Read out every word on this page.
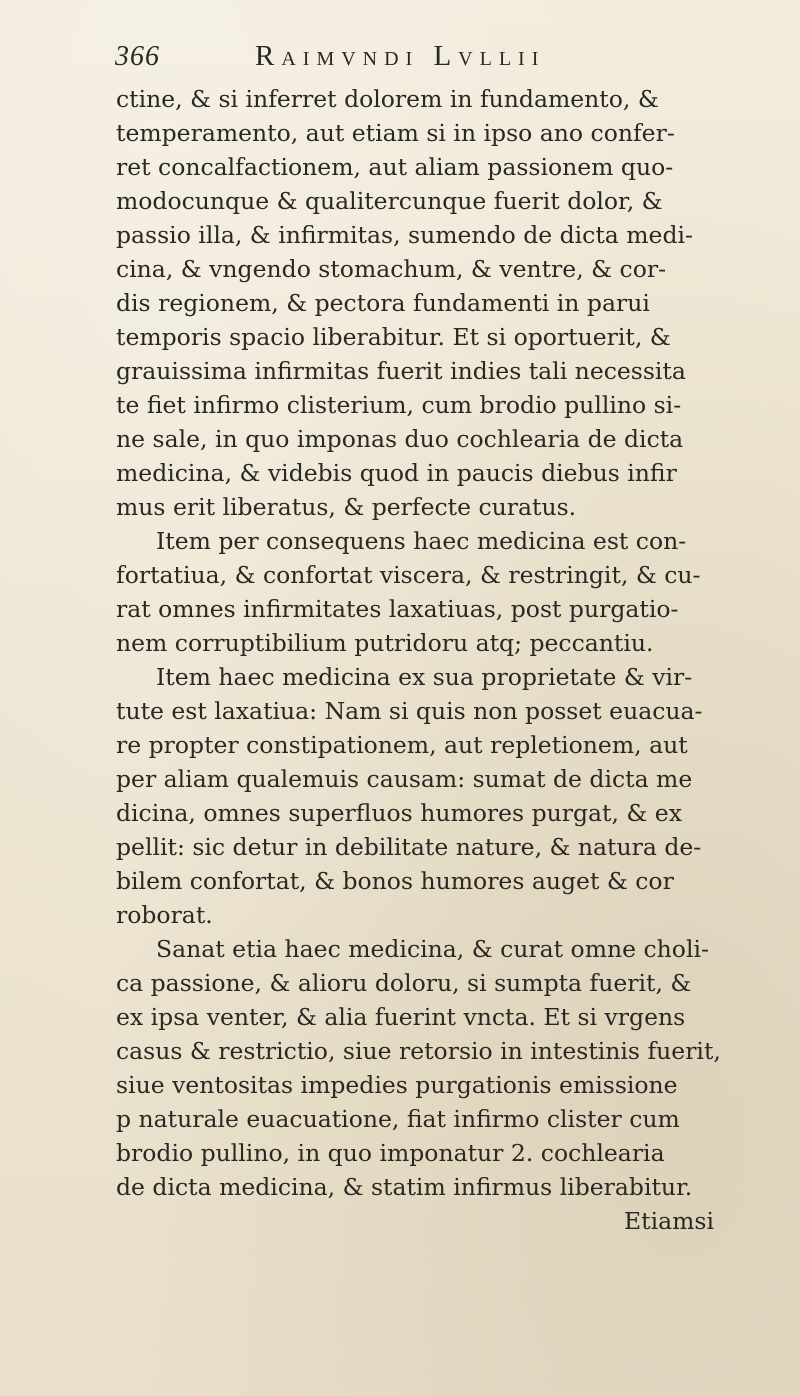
366	Raimvndi Lvllii
ctine, & si inferret dolorem in fundamento, &
temperamento, aut etiam si in ipso ano confer-
ret concalfactionem, aut aliam passionem quo-
modocunque & qualitercunque fuerit dolor, &
passio illa, & infirmitas, sumendo de dicta medi-
cina, & vngendo stomachum, & ventre, & cor-
dis regionem, & pectora fundamenti in parui
temporis spacio liberabitur. Et si oportuerit, &
grauissima infirmitas fuerit indies tali necessita
te fiet infirmo clisterium, cum brodio pullino si-
ne sale, in quo imponas duo cochlearia de dicta
medicina, & videbis quod in paucis diebus infir
mus erit liberatus, & perfecte curatus.
Item per consequens haec medicina est con-
fortatiua, & confortat viscera, & restringit, & cu-
rat omnes infirmitates laxatiuas, post purgatio-
nem corruptibilium putridoru atq; peccantiu.
Item haec medicina ex sua proprietate & vir-
tute est laxatiua: Nam si quis non posset euacua-
re propter constipationem, aut repletionem, aut
per aliam qualemuis causam: sumat de dicta me
dicina, omnes superfluos humores purgat, & ex
pellit: sic detur in debilitate nature, & natura de-
bilem confortat, & bonos humores auget & cor
roborat.
Sanat etia haec medicina, & curat omne choli-
ca passione, & alioru doloru, si sumpta fuerit, &
ex ipsa venter, & alia fuerint vncta. Et si vrgens
casus & restrictio, siue retorsio in intestinis fuerit,
siue ventositas impedies purgationis emissione
p naturale euacuatione, fiat infirmo clister cum
brodio pullino, in quo imponatur 2. cochlearia
de dicta medicina, & statim infirmus liberabitur.
Etiamsi
